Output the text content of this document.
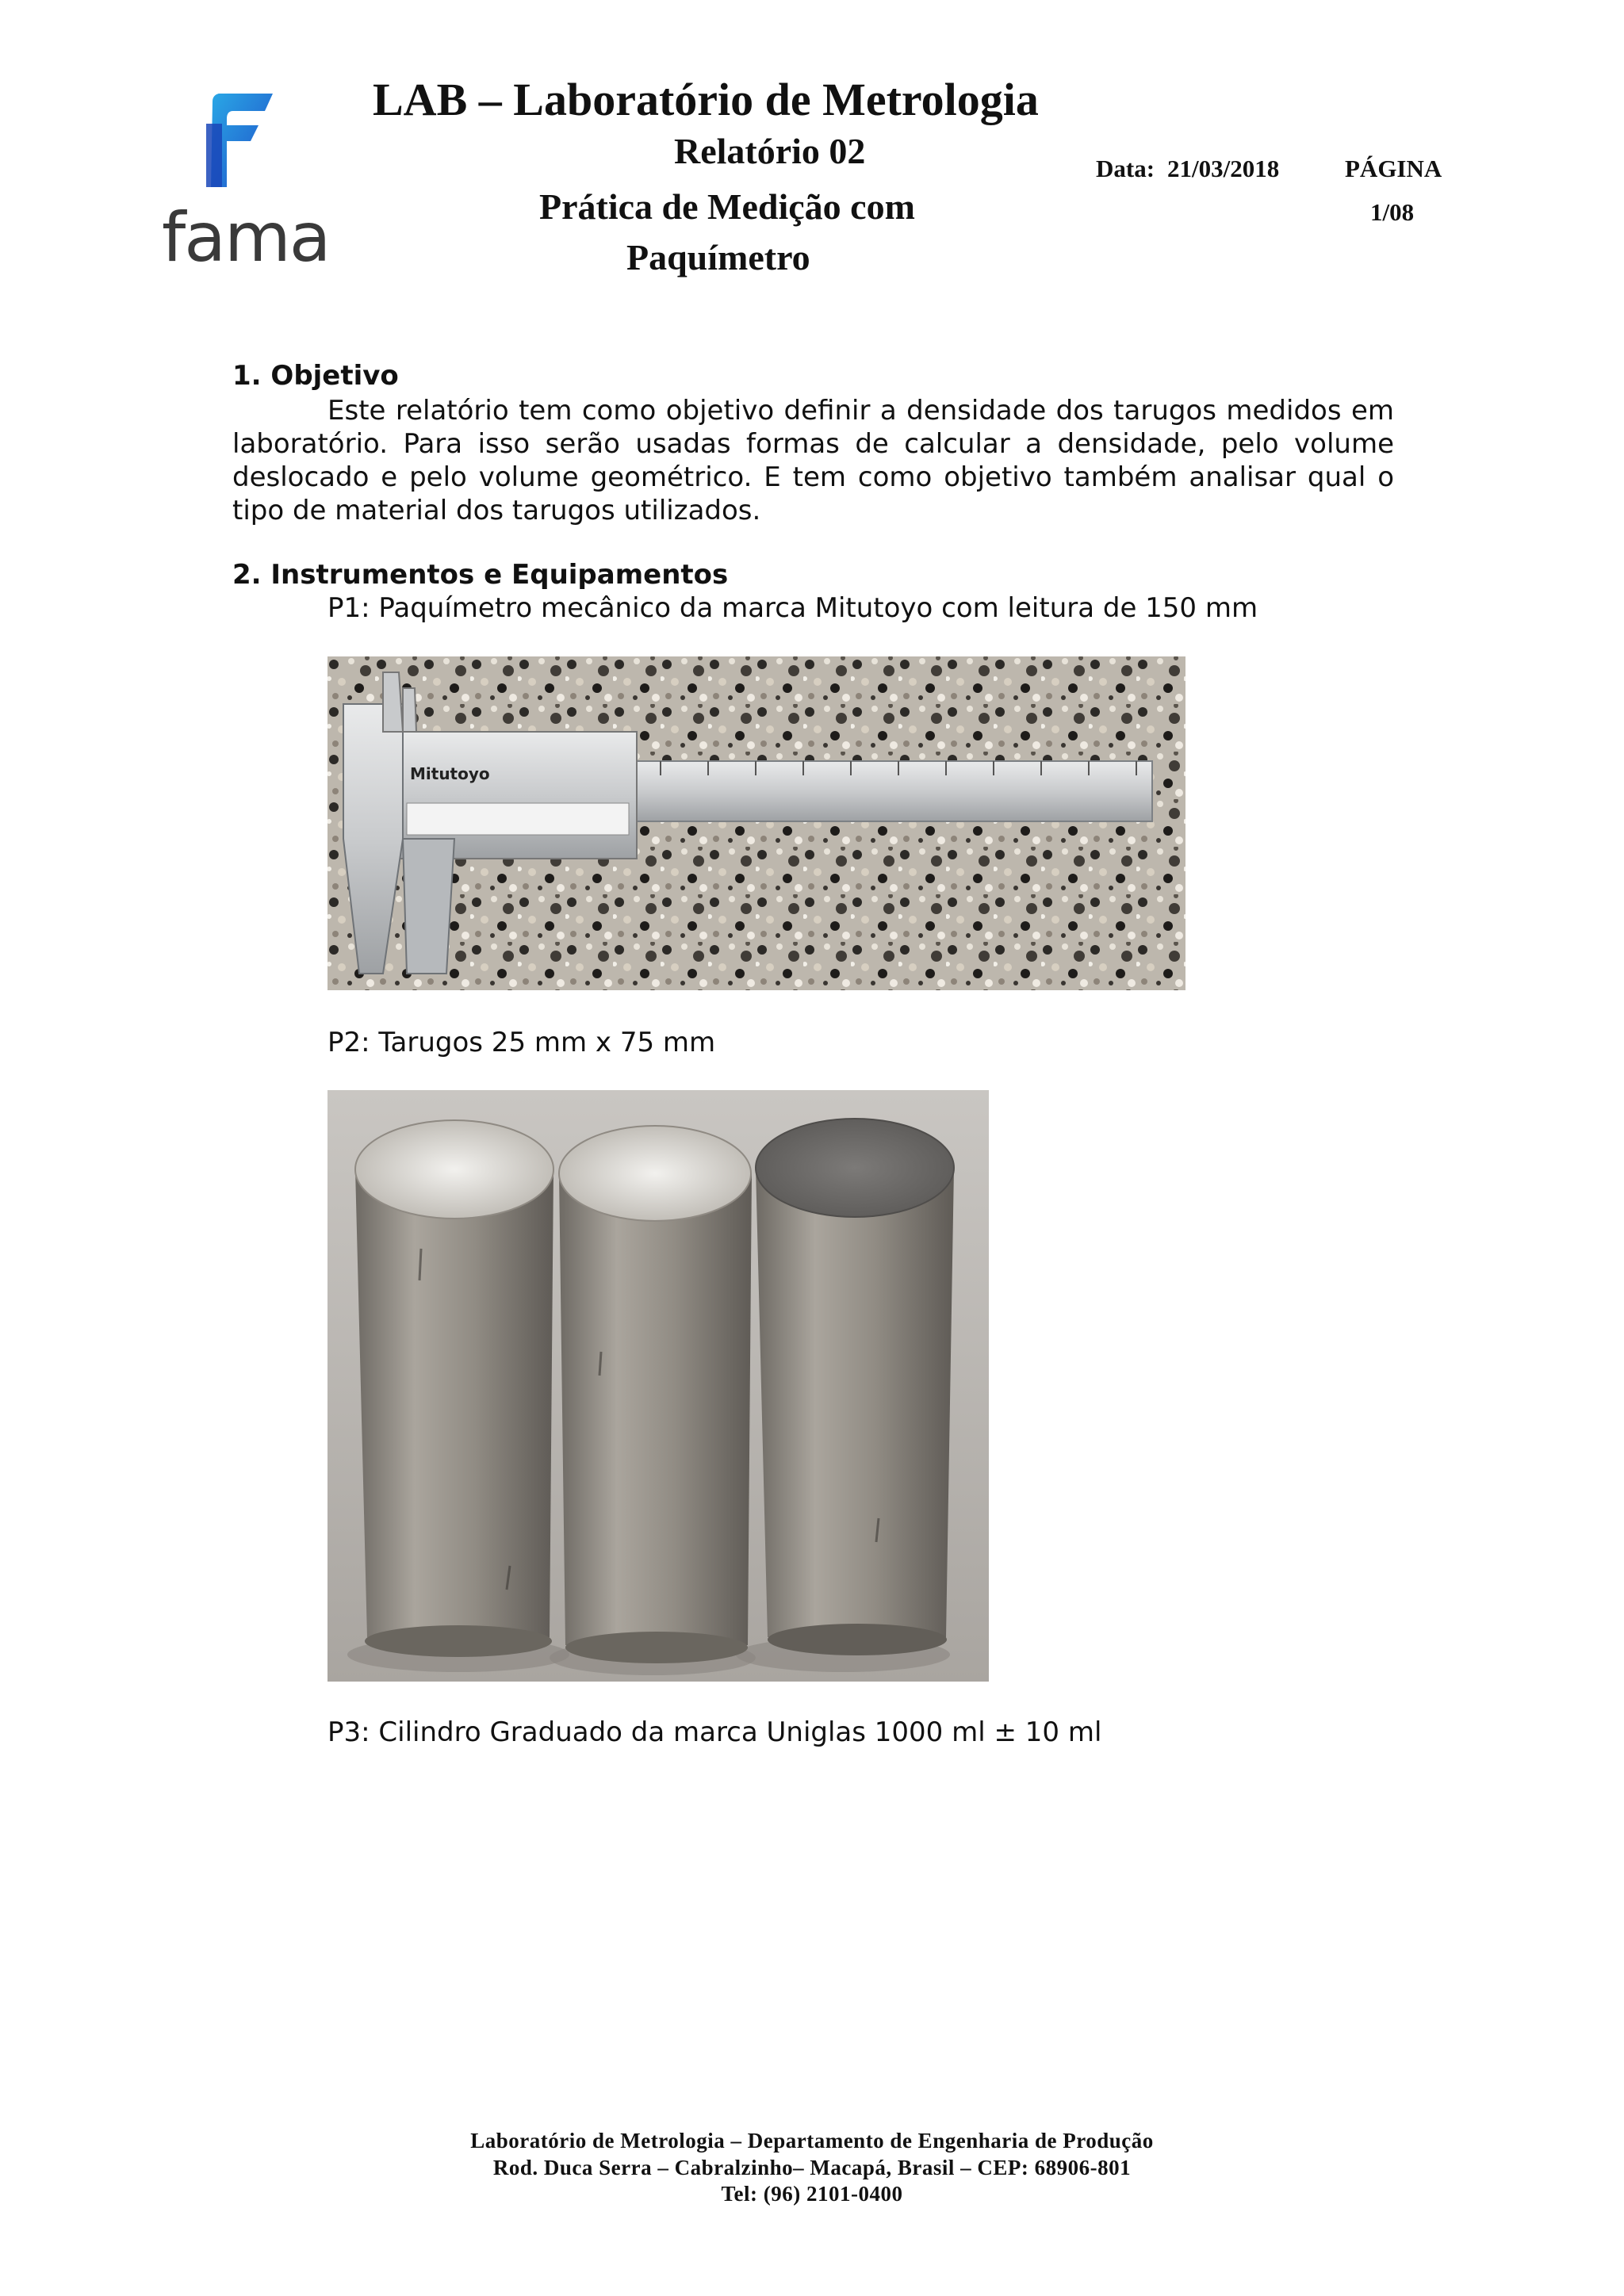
fama
LAB – Laboratório de Metrologia
Relatório 02
Prática de Medição com
Paquímetro
Data: 21/03/2018	PÁGINA
1/08
1. Objetivo
Este relatório tem como objetivo definir a densidade dos tarugos medidos em laboratório. Para isso serão usadas formas de calcular a densidade, pelo volume deslocado e pelo volume geométrico. E tem como objetivo também analisar qual o tipo de material dos tarugos utilizados.
2. Instrumentos e Equipamentos
P1: Paquímetro mecânico da marca Mitutoyo com leitura de 150 mm
Mitutoyo
P2: Tarugos 25 mm x 75 mm
P3: Cilindro Graduado da marca Uniglas 1000 ml ± 10 ml
Laboratório de Metrologia – Departamento de Engenharia de Produção
Rod. Duca Serra – Cabralzinho– Macapá, Brasil – CEP: 68906-801
Tel: (96) 2101-0400
